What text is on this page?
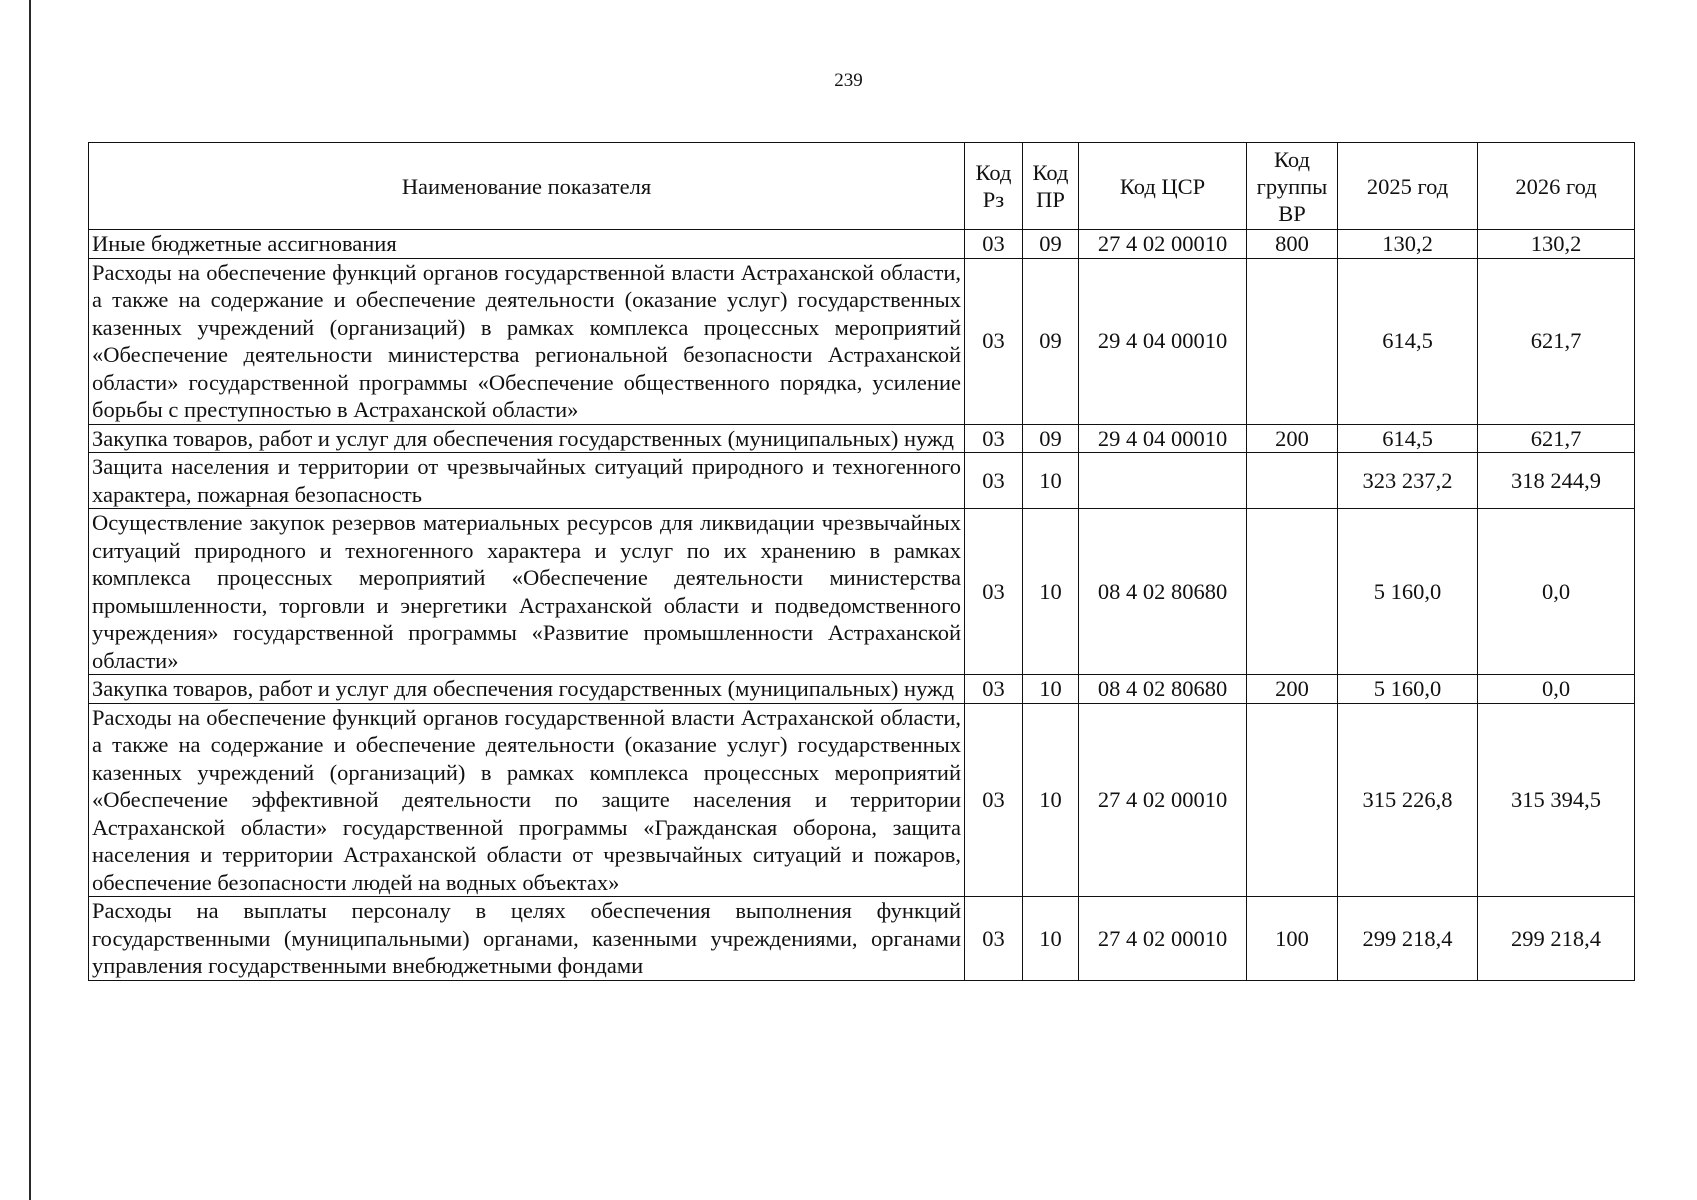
239
Наименование показателя	Код Рз	Код ПР	Код ЦСР	Код группы ВР	2025 год	2026 год
Иные бюджетные ассигнования	03	09	27 4 02 00010	800	130,2	130,2
Расходы на обеспечение функций органов государственной власти Астраханской области, а также на содержание и обеспечение деятельности (оказание услуг) государственных казенных учреждений (организаций) в рамках комплекса процессных мероприятий «Обеспечение деятельности министерства региональной безопасности Астраханской области» государственной программы «Обеспечение общественного порядка, усиление борьбы с преступностью в Астраханской области»	03	09	29 4 04 00010		614,5	621,7
Закупка товаров, работ и услуг для обеспечения государственных (муниципальных) нужд	03	09	29 4 04 00010	200	614,5	621,7
Защита населения и территории от чрезвычайных ситуаций природного и техногенного характера, пожарная безопасность	03	10			323 237,2	318 244,9
Осуществление закупок резервов материальных ресурсов для ликвидации чрезвычайных ситуаций природного и техногенного характера и услуг по их хранению в рамках комплекса процессных мероприятий «Обеспечение деятельности министерства промышленности, торговли и энергетики Астраханской области и подведомственного учреждения» государственной программы «Развитие промышленности Астраханской области»	03	10	08 4 02 80680		5 160,0	0,0
Закупка товаров, работ и услуг для обеспечения государственных (муниципальных) нужд	03	10	08 4 02 80680	200	5 160,0	0,0
Расходы на обеспечение функций органов государственной власти Астраханской области, а также на содержание и обеспечение деятельности (оказание услуг) государственных казенных учреждений (организаций) в рамках комплекса процессных мероприятий «Обеспечение эффективной деятельности по защите населения и территории Астраханской области» государственной программы «Гражданская оборона, защита населения и территории Астраханской области от чрезвычайных ситуаций и пожаров, обеспечение безопасности людей на водных объектах»	03	10	27 4 02 00010		315 226,8	315 394,5
Расходы на выплаты персоналу в целях обеспечения выполнения функций государственными (муниципальными) органами, казенными учреждениями, органами управления государственными внебюджетными фондами	03	10	27 4 02 00010	100	299 218,4	299 218,4
